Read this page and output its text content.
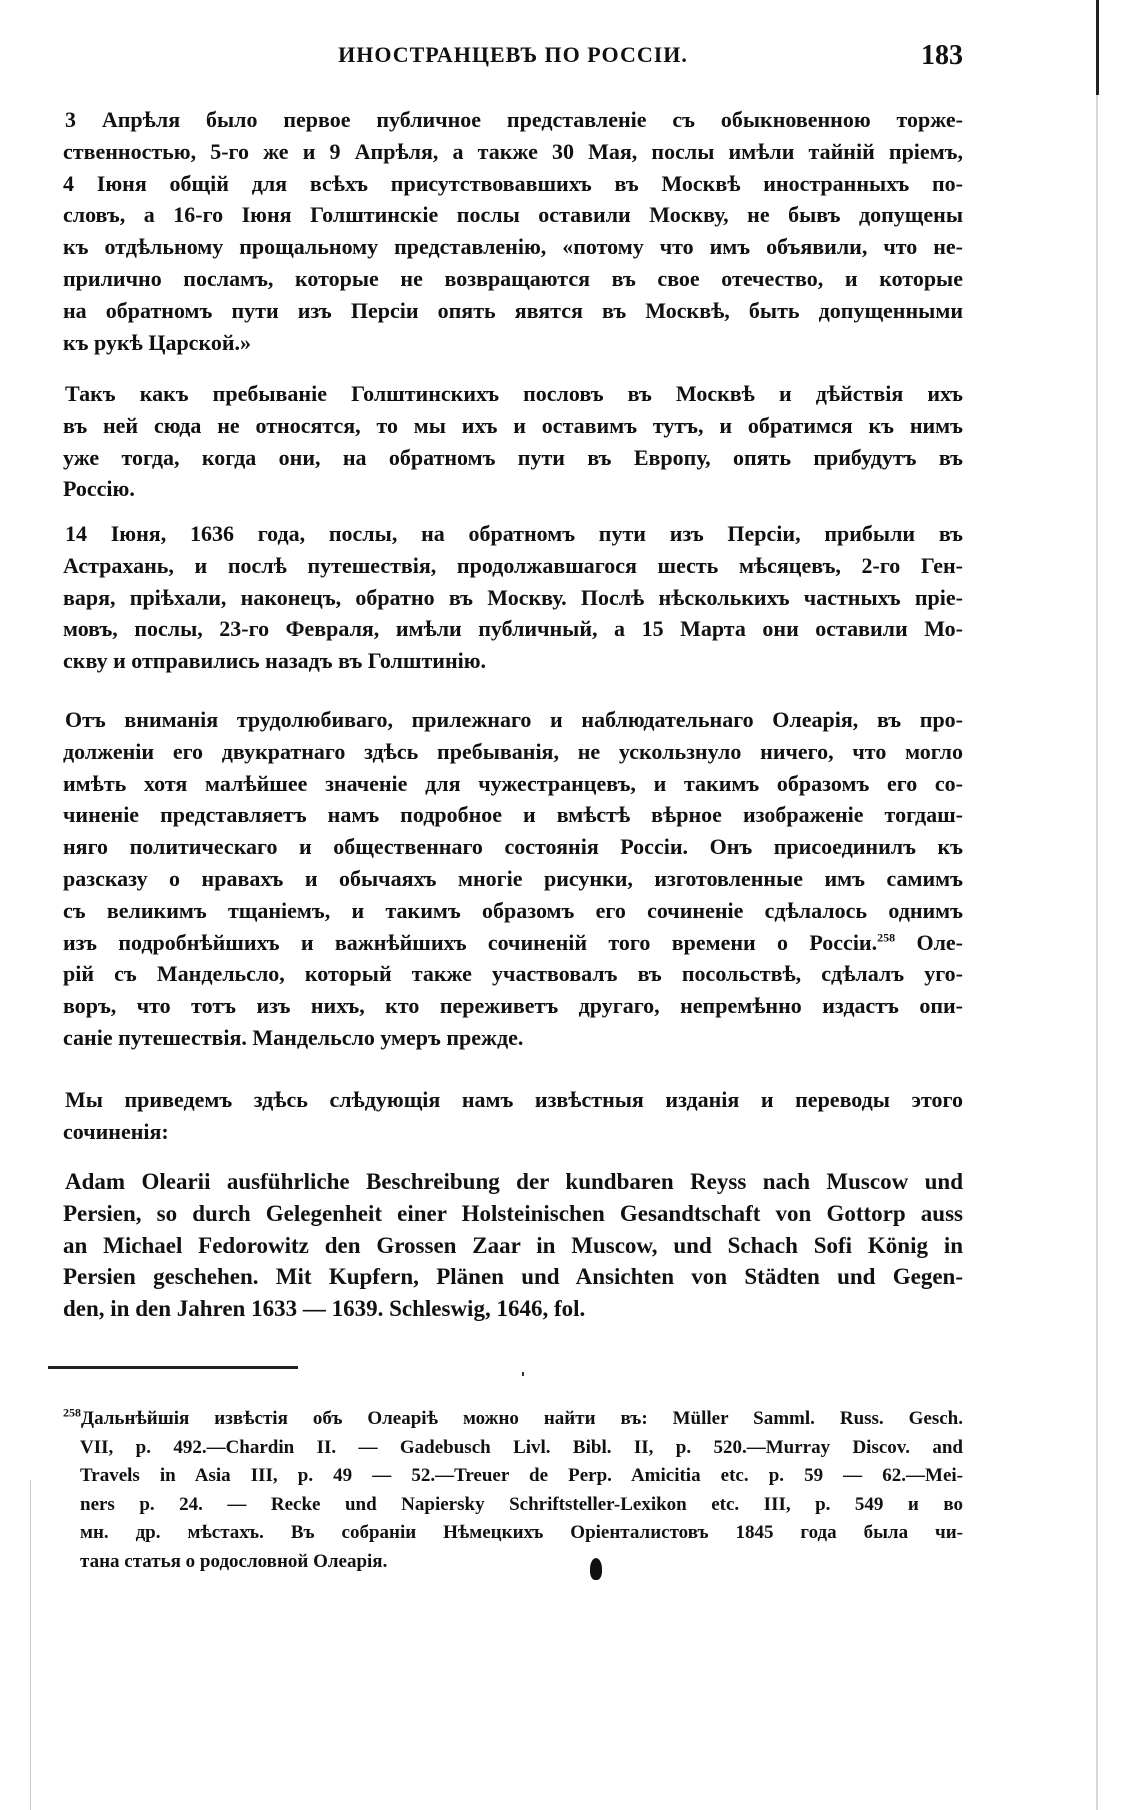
ИНОСТРАНЦЕВЪ ПО РОССІИ.	183
3 Апрѣля было первое публичное представленіе съ обыкновенною торже-
ственностью, 5-го же и 9 Апрѣля, а также 30 Мая, послы имѣли тайній пріемъ,
4 Іюня общій для всѣхъ присутствовавшихъ въ Москвѣ иностранныхъ по-
словъ, а 16-го Іюня Голштинскіе послы оставили Москву, не бывъ допущены
къ отдѣльному прощальному представленію, «потому что имъ объявили, что не-
прилично посламъ, которые не возвращаются въ свое отечество, и которые
на обратномъ пути изъ Персіи опять явятся въ Москвѣ, быть допущенными
къ рукѣ Царской.»
Такъ какъ пребываніе Голштинскихъ пословъ въ Москвѣ и дѣйствія ихъ
въ ней сюда не относятся, то мы ихъ и оставимъ тутъ, и обратимся къ нимъ
уже тогда, когда они, на обратномъ пути въ Европу, опять прибудутъ въ
Россію.
14 Іюня, 1636 года, послы, на обратномъ пути изъ Персіи, прибыли въ
Астрахань, и послѣ путешествія, продолжавшагося шесть мѣсяцевъ, 2-го Ген-
варя, пріѣхали, наконецъ, обратно въ Москву. Послѣ нѣсколькихъ частныхъ пріе-
мовъ, послы, 23-го Февраля, имѣли публичный, а 15 Марта они оставили Мо-
скву и отправились назадъ въ Голштинію.
Отъ вниманія трудолюбиваго, прилежнаго и наблюдательнаго Олеарія, въ про-
долженіи его двукратнаго здѣсь пребыванія, не ускользнуло ничего, что могло
имѣть хотя малѣйшее значеніе для чужестранцевъ, и такимъ образомъ его со-
чиненіе представляетъ намъ подробное и вмѣстѣ вѣрное изображеніе тогдаш-
няго политическаго и общественнаго состоянія Россіи. Онъ присоединилъ къ
разсказу о нравахъ и обычаяхъ многіе рисунки, изготовленные имъ самимъ
съ великимъ тщаніемъ, и такимъ образомъ его сочиненіе сдѣлалось однимъ
изъ подробнѣйшихъ и важнѣйшихъ сочиненій того времени о Россіи.$^{258}$ Оле-
рій съ Мандельсло, который также участвовалъ въ посольствѣ, сдѣлалъ уго-
воръ, что тотъ изъ нихъ, кто переживетъ другаго, непремѣнно издастъ опи-
саніе путешествія. Мандельсло умеръ прежде.
Мы приведемъ здѣсь слѣдующія намъ извѣстныя изданія и переводы этого
сочиненія:
Adam Olearii ausführliche Beschreibung der kundbaren Reyss nach Muscow und
Persien, so durch Gelegenheit einer Holsteinischen Gesandtschaft von Gottorp auss
an Michael Fedorowitz den Grossen Zaar in Muscow, und Schach Sofi König in
Persien geschehen. Mit Kupfern, Plänen und Ansichten von Städten und Gegen-
den, in den Jahren 1633 — 1639. Schleswig, 1646, fol.
$^{258}$Дальнѣйшія извѣстія объ Олеаріѣ можно найти въ: Müller Samml. Russ. Gesch.
VII, p. 492.—Chardin II. — Gadebusch Livl. Bibl. II, p. 520.—Murray Discov. and
Travels in Asia III, p. 49 — 52.—Treuer de Perp. Amicitia etc. p. 59 — 62.—Mei-
ners p. 24. — Recke und Napiersky Schriftsteller-Lexikon etc. III, p. 549 и во
мн. др. мѣстахъ. Въ собраніи Нѣмецкихъ Оріенталистовъ 1845 года была чи-
тана статья о родословной Олеарія.
